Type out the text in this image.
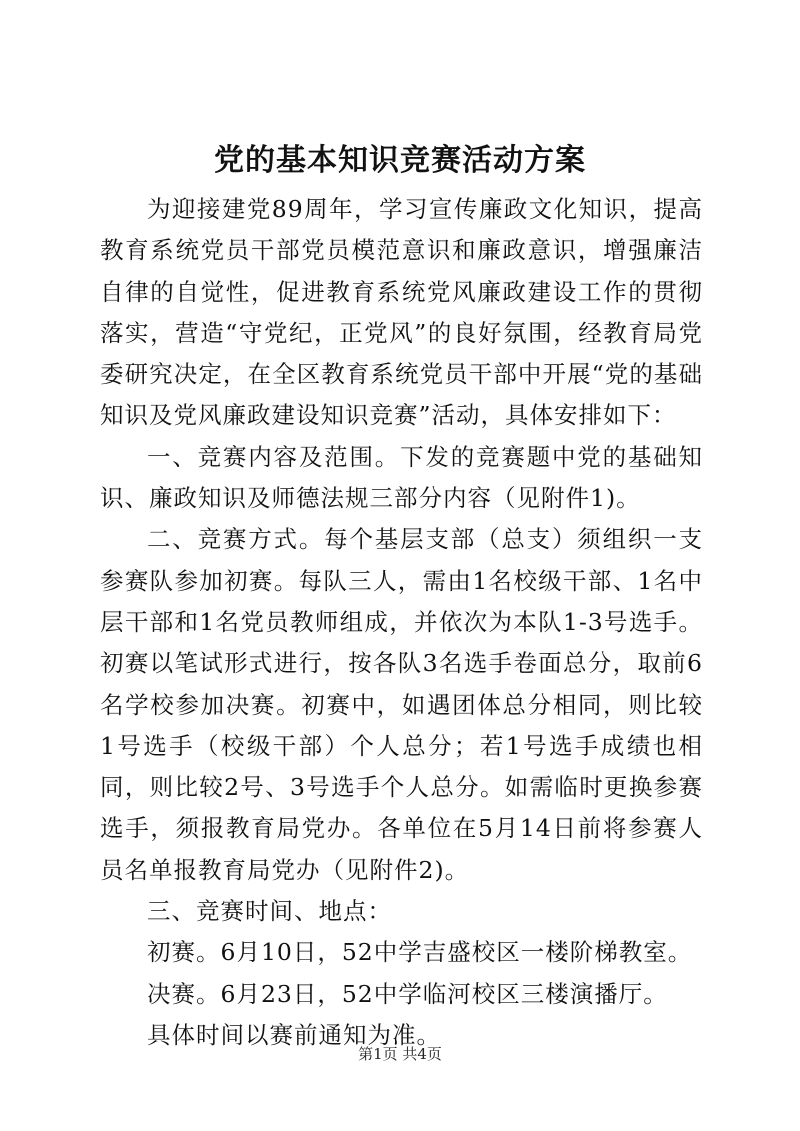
党的基本知识竞赛活动方案

为迎接建党89周年，学习宣传廉政文化知识，提高教育系统党员干部党员模范意识和廉政意识，增强廉洁自律的自觉性，促进教育系统党风廉政建设工作的贯彻落实，营造“守党纪，正党风”的良好氛围，经教育局党委研究决定，在全区教育系统党员干部中开展“党的基础知识及党风廉政建设知识竞赛”活动，具体安排如下：

一、竞赛内容及范围。下发的竞赛题中党的基础知识、廉政知识及师德法规三部分内容（见附件1)。

二、竞赛方式。每个基层支部（总支）须组织一支参赛队参加初赛。每队三人，需由1名校级干部、1名中层干部和1名党员教师组成，并依次为本队1-3号选手。初赛以笔试形式进行，按各队3名选手卷面总分，取前6名学校参加决赛。初赛中，如遇团体总分相同，则比较1号选手（校级干部）个人总分；若1号选手成绩也相同，则比较2号、3号选手个人总分。如需临时更换参赛选手，须报教育局党办。各单位在5月14日前将参赛人员名单报教育局党办（见附件2)。

三、竞赛时间、地点：

初赛。6月10日，52中学吉盛校区一楼阶梯教室。

决赛。6月23日，52中学临河校区三楼演播厅。

具体时间以赛前通知为准。

第1页 共4页
